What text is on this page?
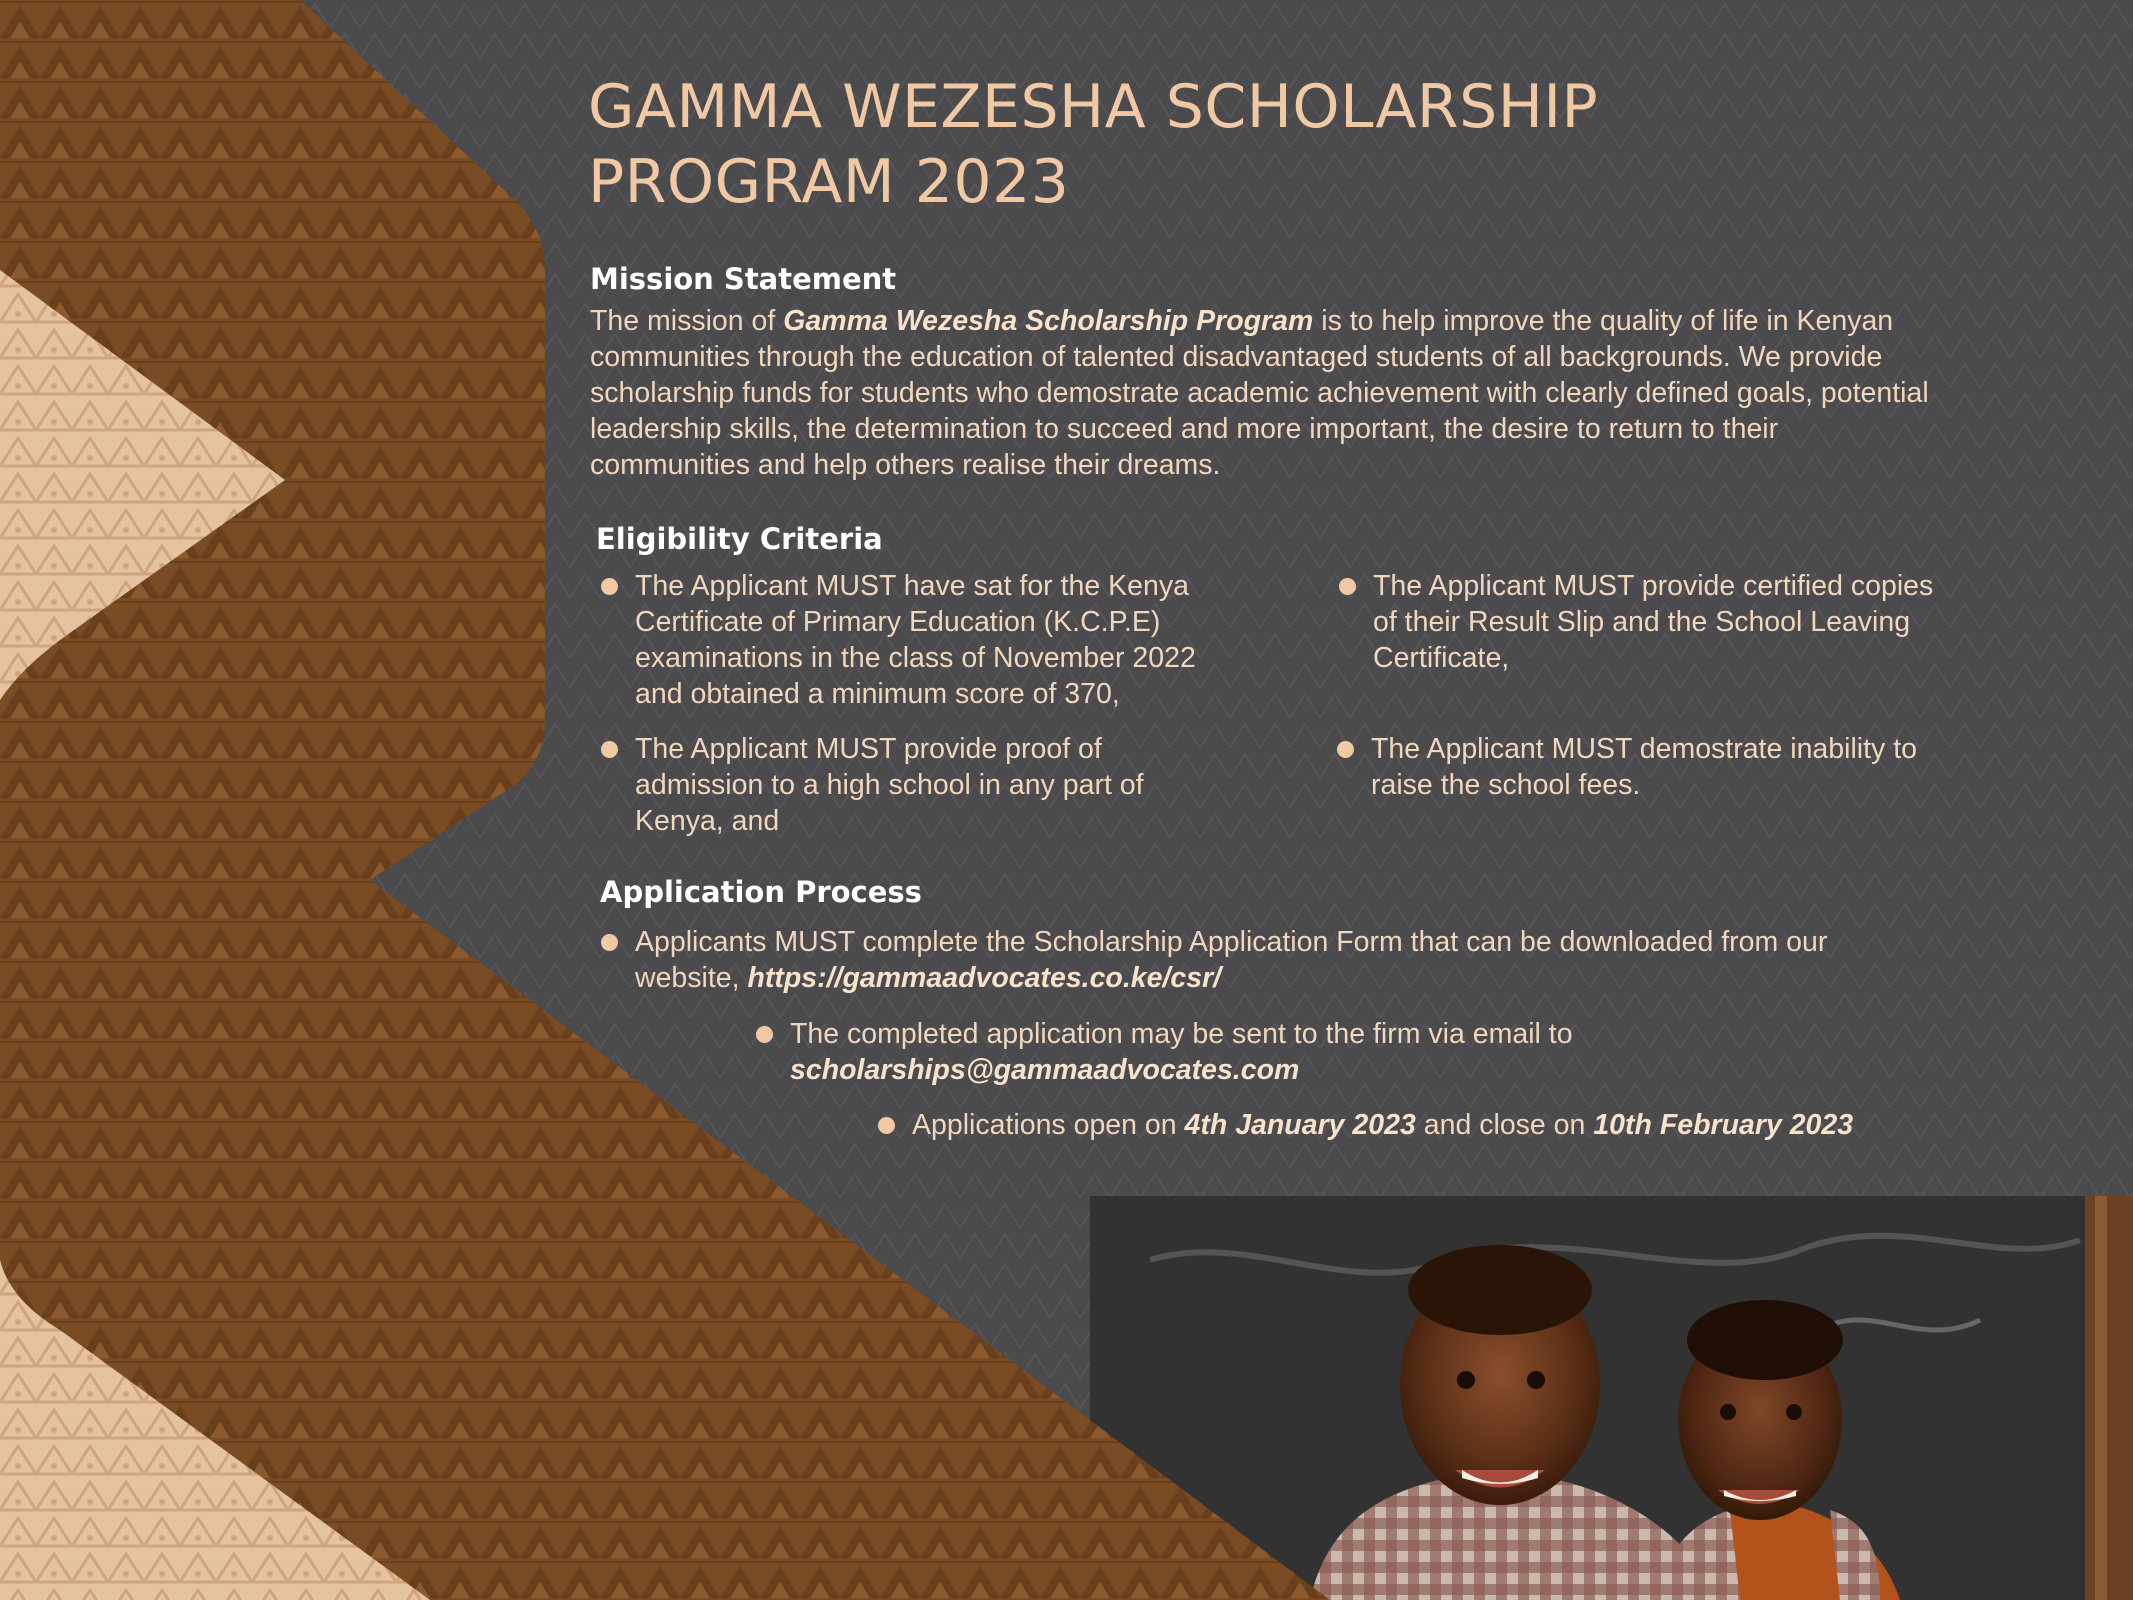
GAMMA WEZESHA SCHOLARSHIP
PROGRAM 2023
Mission Statement
The mission of Gamma Wezesha Scholarship Program is to help improve the quality of life in Kenyan
communities through the education of talented disadvantaged students of all backgrounds. We provide
scholarship funds for students who demostrate academic achievement with clearly defined goals, potential
leadership skills, the determination to succeed and more important, the desire to return to their
communities and help others realise their dreams.
Eligibility Criteria
The Applicant MUST have sat for the Kenya
Certificate of Primary Education (K.C.P.E)
examinations in the class of November 2022
and obtained a minimum score of 370,
The Applicant MUST provide proof of
admission to a high school in any part of
Kenya, and
The Applicant MUST provide certified copies
of their Result Slip and the School Leaving
Certificate,
The Applicant MUST demostrate inability to
raise the school fees.
Application Process
Applicants MUST complete the Scholarship Application Form that can be downloaded from our
website, https://gammaadvocates.co.ke/csr/
The completed application may be sent to the firm via email to
scholarships@gammaadvocates.com
Applications open on 4th January 2023 and close on 10th February 2023
